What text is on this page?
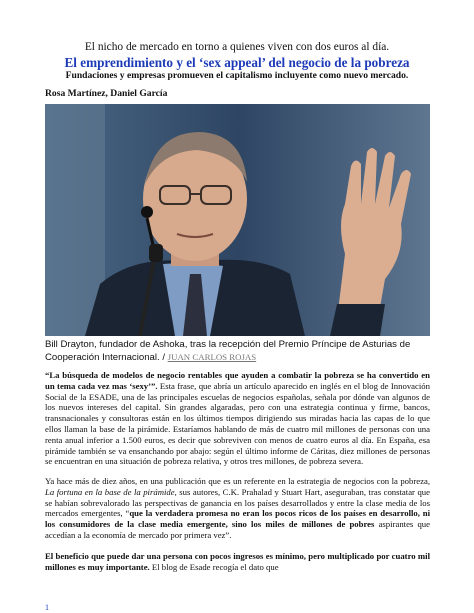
El nicho de mercado en torno a quienes viven con dos euros al día.
El emprendimiento y el ‘sex appeal’ del negocio de la pobreza
Fundaciones y empresas promueven el capitalismo incluyente como nuevo mercado.
Rosa Martínez, Daniel García
Bill Drayton, fundador de Ashoka, tras la recepción del Premio Príncipe de Asturias de Cooperación Internacional. / JUAN CARLOS ROJAS
“La búsqueda de modelos de negocio rentables que ayuden a combatir la pobreza se ha convertido en un tema cada vez mas ‘sexy’”. Esta frase, que abría un artículo aparecido en inglés en el blog de Innovación Social de la ESADE, una de las principales escuelas de negocios españolas, señala por dónde van algunos de los nuevos intereses del capital. Sin grandes algaradas, pero con una estrategia continua y firme, bancos, transnacionales y consultoras están en los últimos tiempos dirigiendo sus miradas hacia las capas de lo que ellos llaman la base de la pirámide. Estaríamos hablando de más de cuatro mil millones de personas con una renta anual inferior a 1.500 euros, es decir que sobreviven con menos de cuatro euros al día. En España, esa pirámide también se va ensanchando por abajo: según el último informe de Cáritas, diez millones de personas se encuentran en una situación de pobreza relativa, y otros tres millones, de pobreza severa.
Ya hace más de diez años, en una publicación que es un referente en la estrategia de negocios con la pobreza, La fortuna en la base de la pirámide, sus autores, C.K. Prahalad y Stuart Hart, aseguraban, tras constatar que se habían sobrevalorado las perspectivas de ganancia en los países desarrollados y entre la clase media de los mercados emergentes, “que la verdadera promesa no eran los pocos ricos de los países en desarrollo, ni los consumidores de la clase media emergente, sino los miles de millones de pobres aspirantes que accedían a la economía de mercado por primera vez”.
El beneficio que puede dar una persona con pocos ingresos es mínimo, pero multiplicado por cuatro mil millones es muy importante. El blog de Esade recogía el dato que
1
